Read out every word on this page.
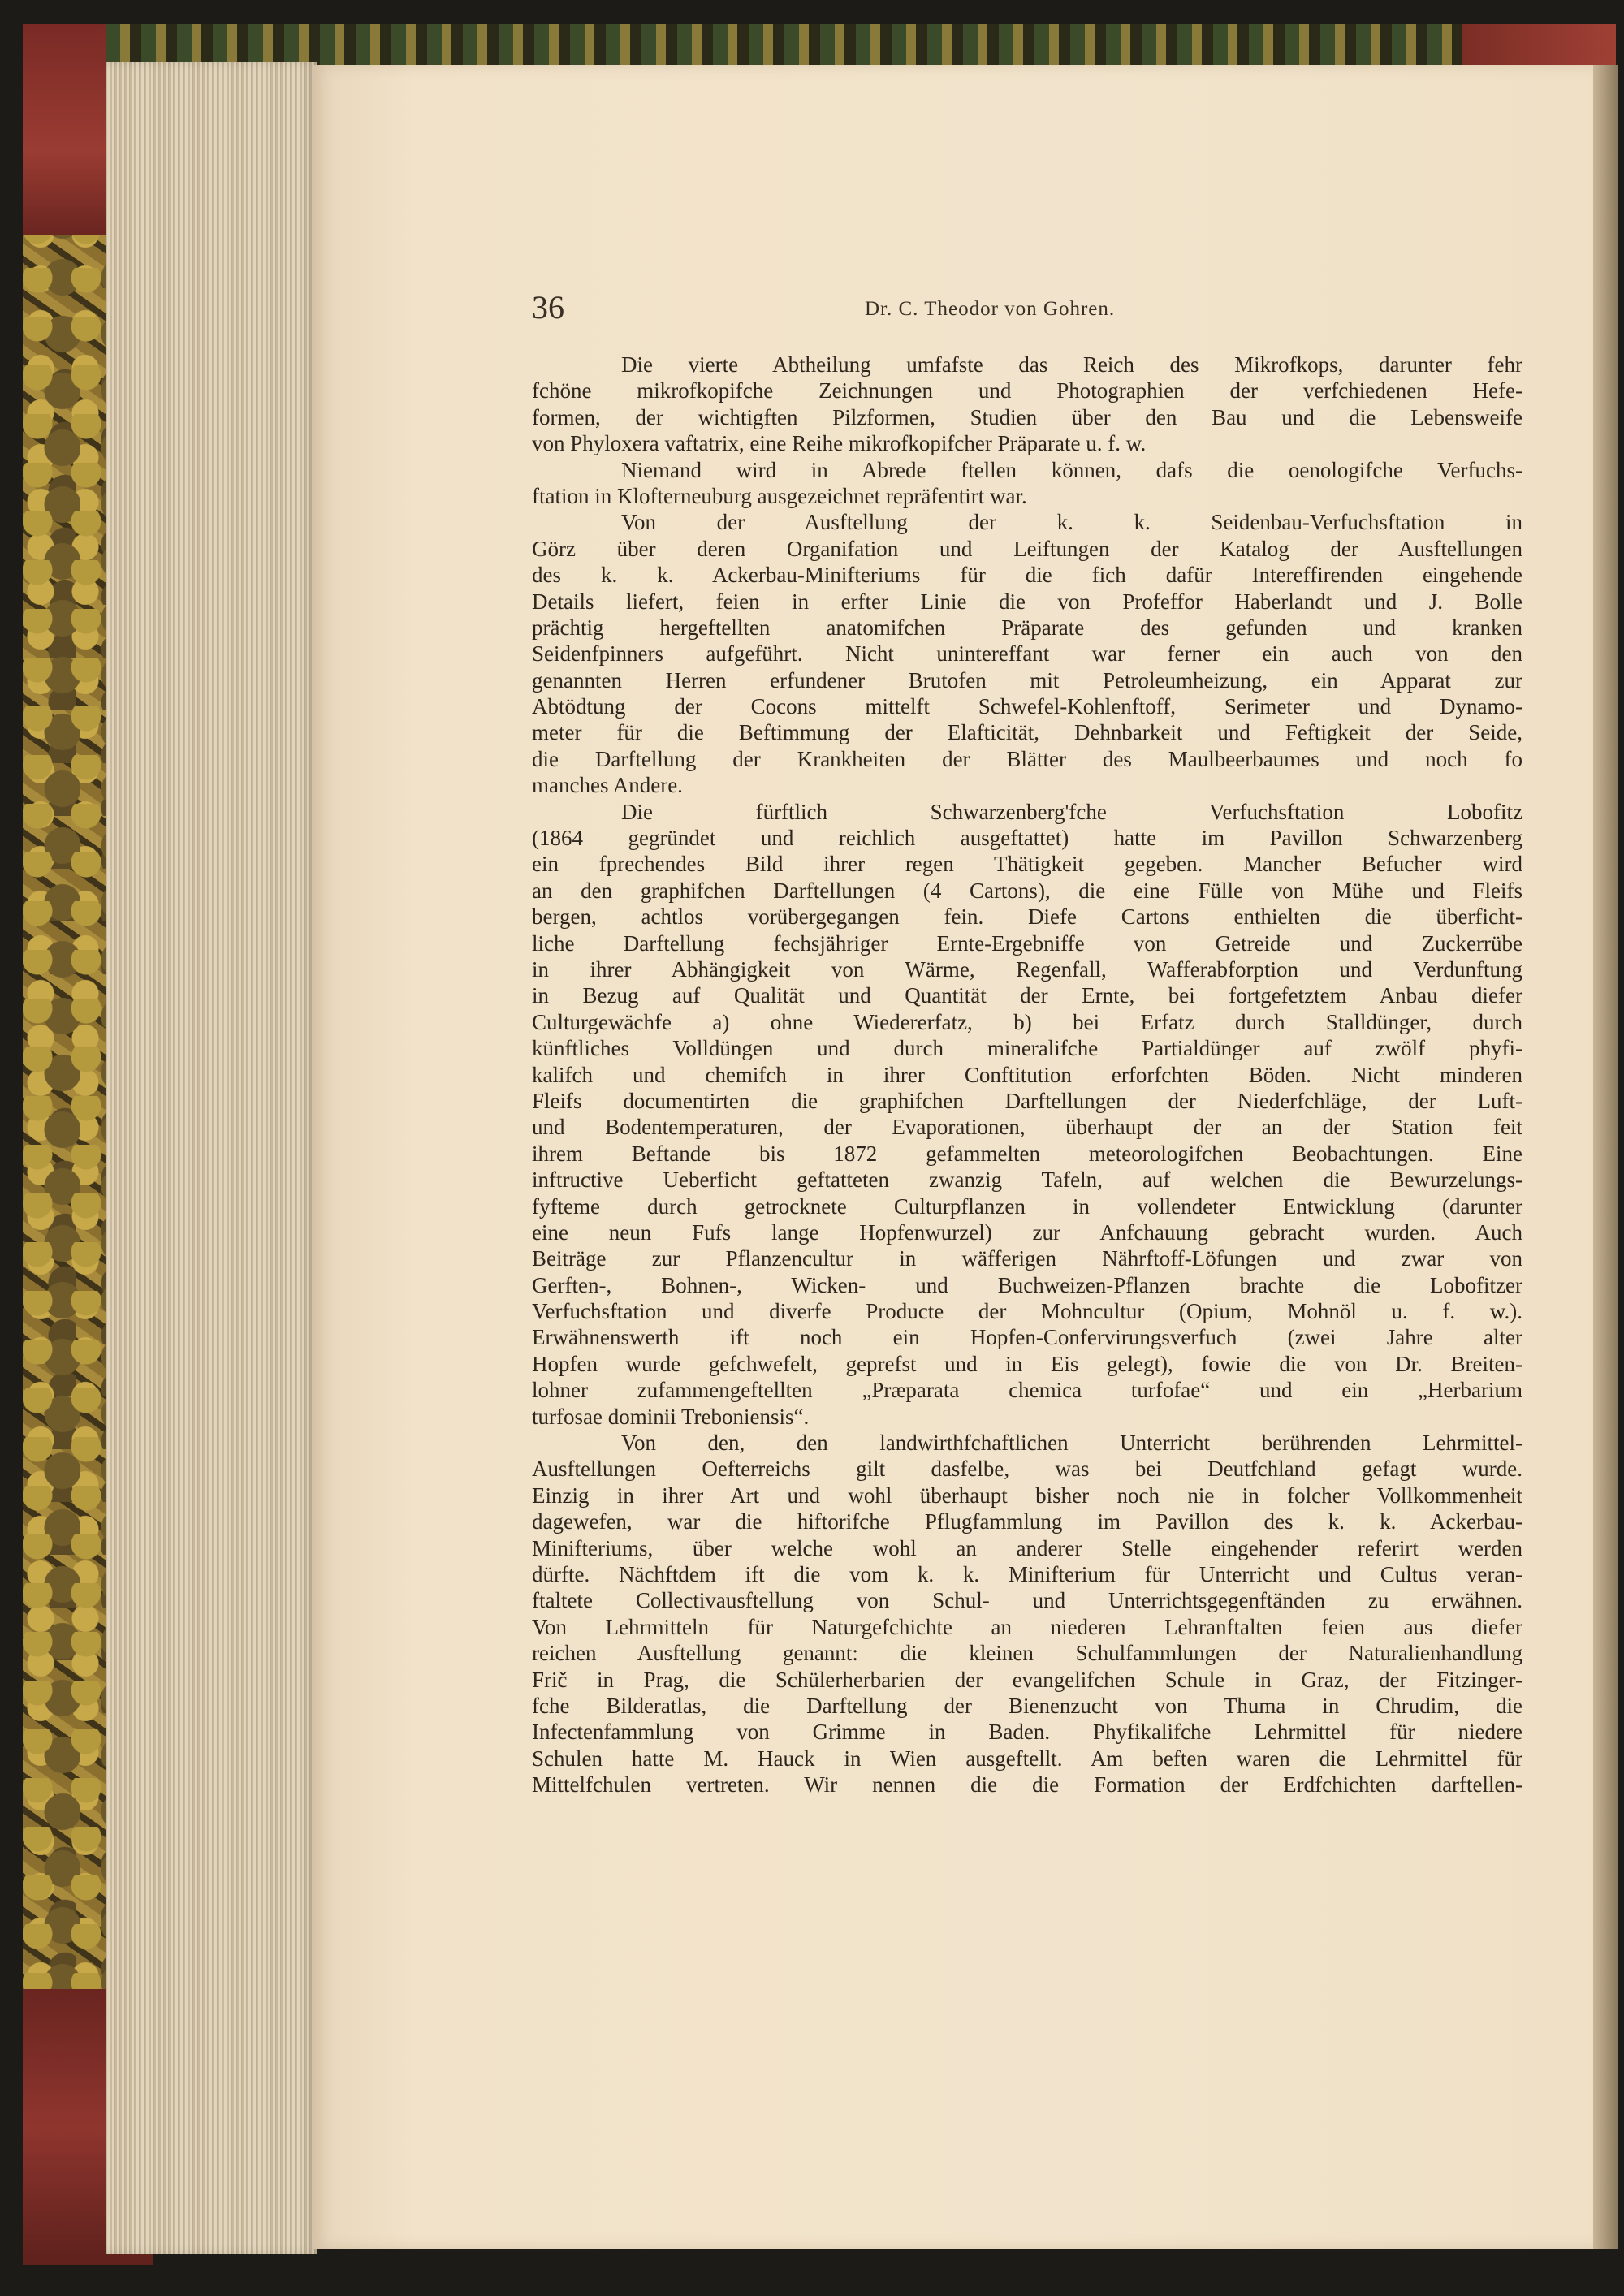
36	Dr. C. Theodor von Gohren.
Die vierte Abtheilung umfafste das Reich des Mikrofkops, darunter fehr
fchöne mikrofkopifche Zeichnungen und Photographien der verfchiedenen Hefe-
formen, der wichtigften Pilzformen, Studien über den Bau und die Lebensweife
von Phyloxera vaftatrix, eine Reihe mikrofkopifcher Präparate u. f. w.
Niemand wird in Abrede ftellen können, dafs die oenologifche Verfuchs-
ftation in Klofterneuburg ausgezeichnet repräfentirt war.
Von der Ausftellung der k. k. Seidenbau-Verfuchsftation in
Görz über deren Organifation und Leiftungen der Katalog der Ausftellungen
des k. k. Ackerbau-Minifteriums für die fich dafür Intereffirenden eingehende
Details liefert, feien in erfter Linie die von Profeffor Haberlandt und J. Bolle
prächtig hergeftellten anatomifchen Präparate des gefunden und kranken
Seidenfpinners aufgeführt. Nicht unintereffant war ferner ein auch von den
genannten Herren erfundener Brutofen mit Petroleumheizung, ein Apparat zur
Abtödtung der Cocons mittelft Schwefel-Kohlenftoff, Serimeter und Dynamo-
meter für die Beftimmung der Elafticität, Dehnbarkeit und Feftigkeit der Seide,
die Darftellung der Krankheiten der Blätter des Maulbeerbaumes und noch fo
manches Andere.
Die fürftlich Schwarzenberg'fche Verfuchsftation Lobofitz
(1864 gegründet und reichlich ausgeftattet) hatte im Pavillon Schwarzenberg
ein fprechendes Bild ihrer regen Thätigkeit gegeben. Mancher Befucher wird
an den graphifchen Darftellungen (4 Cartons), die eine Fülle von Mühe und Fleifs
bergen, achtlos vorübergegangen fein. Diefe Cartons enthielten die überficht-
liche Darftellung fechsjähriger Ernte-Ergebniffe von Getreide und Zuckerrübe
in ihrer Abhängigkeit von Wärme, Regenfall, Wafferabforption und Verdunftung
in Bezug auf Qualität und Quantität der Ernte, bei fortgefetztem Anbau diefer
Culturgewächfe a) ohne Wiedererfatz, b) bei Erfatz durch Stalldünger, durch
künftliches Volldüngen und durch mineralifche Partialdünger auf zwölf phyfi-
kalifch und chemifch in ihrer Conftitution erforfchten Böden. Nicht minderen
Fleifs documentirten die graphifchen Darftellungen der Niederfchläge, der Luft-
und Bodentemperaturen, der Evaporationen, überhaupt der an der Station feit
ihrem Beftande bis 1872 gefammelten meteorologifchen Beobachtungen. Eine
inftructive Ueberficht geftatteten zwanzig Tafeln, auf welchen die Bewurzelungs-
fyfteme durch getrocknete Culturpflanzen in vollendeter Entwicklung (darunter
eine neun Fufs lange Hopfenwurzel) zur Anfchauung gebracht wurden. Auch
Beiträge zur Pflanzencultur in wäfferigen Nährftoff-Löfungen und zwar von
Gerften-, Bohnen-, Wicken- und Buchweizen-Pflanzen brachte die Lobofitzer
Verfuchsftation und diverfe Producte der Mohncultur (Opium, Mohnöl u. f. w.).
Erwähnenswerth ift noch ein Hopfen-Confervirungsverfuch (zwei Jahre alter
Hopfen wurde gefchwefelt, geprefst und in Eis gelegt), fowie die von Dr. Breiten-
lohner zufammengeftellten „Præparata chemica turfofae“ und ein „Herbarium
turfosae dominii Treboniensis“.
Von den, den landwirthfchaftlichen Unterricht berührenden Lehrmittel-
Ausftellungen Oefterreichs gilt dasfelbe, was bei Deutfchland gefagt wurde.
Einzig in ihrer Art und wohl überhaupt bisher noch nie in folcher Vollkommenheit
dagewefen, war die hiftorifche Pflugfammlung im Pavillon des k. k. Ackerbau-
Minifteriums, über welche wohl an anderer Stelle eingehender referirt werden
dürfte. Nächftdem ift die vom k. k. Minifterium für Unterricht und Cultus veran-
ftaltete Collectivausftellung von Schul- und Unterrichtsgegenftänden zu erwähnen.
Von Lehrmitteln für Naturgefchichte an niederen Lehranftalten feien aus diefer
reichen Ausftellung genannt: die kleinen Schulfammlungen der Naturalienhandlung
Frič in Prag, die Schülerherbarien der evangelifchen Schule in Graz, der Fitzinger-
fche Bilderatlas, die Darftellung der Bienenzucht von Thuma in Chrudim, die
Infectenfammlung von Grimme in Baden. Phyfikalifche Lehrmittel für niedere
Schulen hatte M. Hauck in Wien ausgeftellt. Am beften waren die Lehrmittel für
Mittelfchulen vertreten. Wir nennen die die Formation der Erdfchichten darftellen-
